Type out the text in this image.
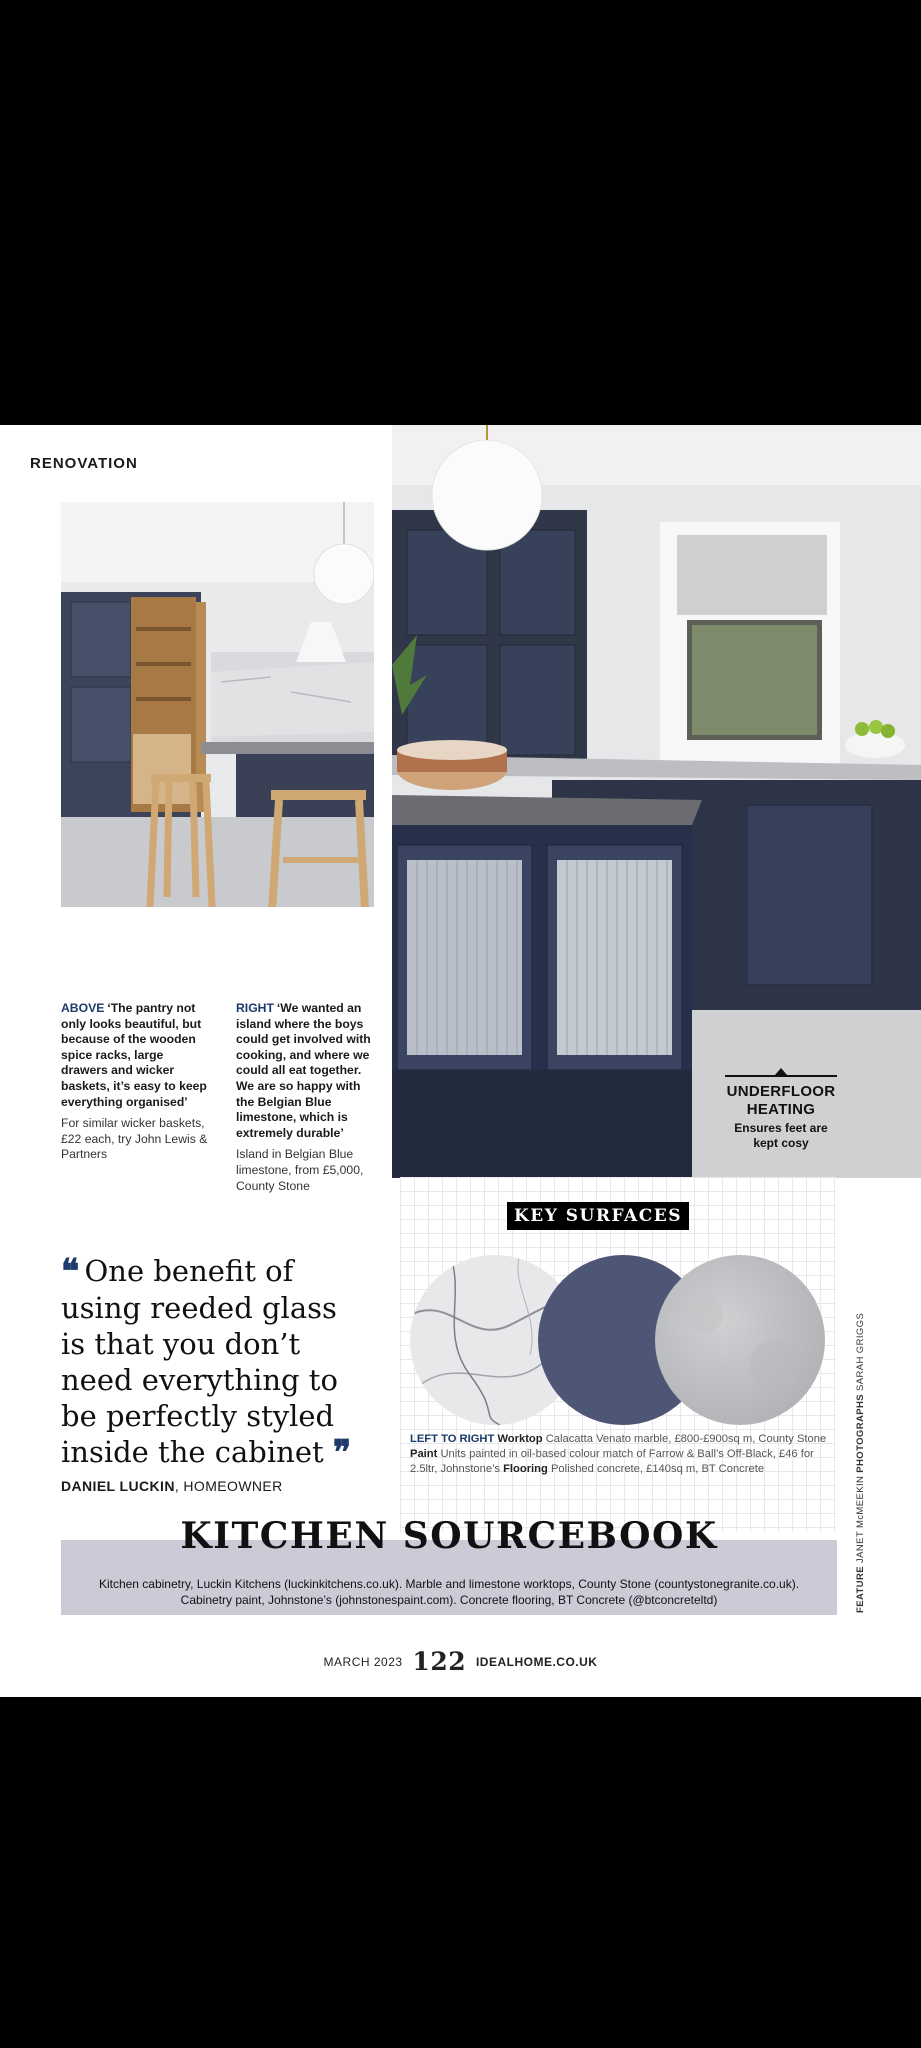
RENOVATION
ABOVE ‘The pantry not only looks beautiful, but because of the wooden spice racks, large drawers and wicker baskets, it’s easy to keep everything organised’
For similar wicker baskets, £22 each, try John Lewis & Partners
RIGHT ‘We wanted an island where the boys could get involved with cooking, and where we could all eat together. We are so happy with the Belgian Blue limestone, which is extremely durable’
Island in Belgian Blue limestone, from £5,000, County Stone
UNDERFLOOR HEATING
Ensures feet are kept cosy
❝ One benefit of using reeded glass is that you don’t need everything to be perfectly styled inside the cabinet ❞
DANIEL LUCKIN, HOMEOWNER
KEY SURFACES
LEFT TO RIGHT Worktop Calacatta Venato marble, £800-£900sq m, County Stone Paint Units painted in oil-based colour match of Farrow & Ball’s Off-Black, £46 for 2.5ltr, Johnstone’s Flooring Polished concrete, £140sq m, BT Concrete
FEATURE JANET McMEEKIN PHOTOGRAPHS SARAH GRIGGS
KITCHEN SOURCEBOOK
Kitchen cabinetry, Luckin Kitchens (luckinkitchens.co.uk). Marble and limestone worktops, County Stone (countystonegranite.co.uk). Cabinetry paint, Johnstone’s (johnstonespaint.com). Concrete flooring, BT Concrete (@btconcreteltd)
MARCH 2023 122 IDEALHOME.CO.UK
